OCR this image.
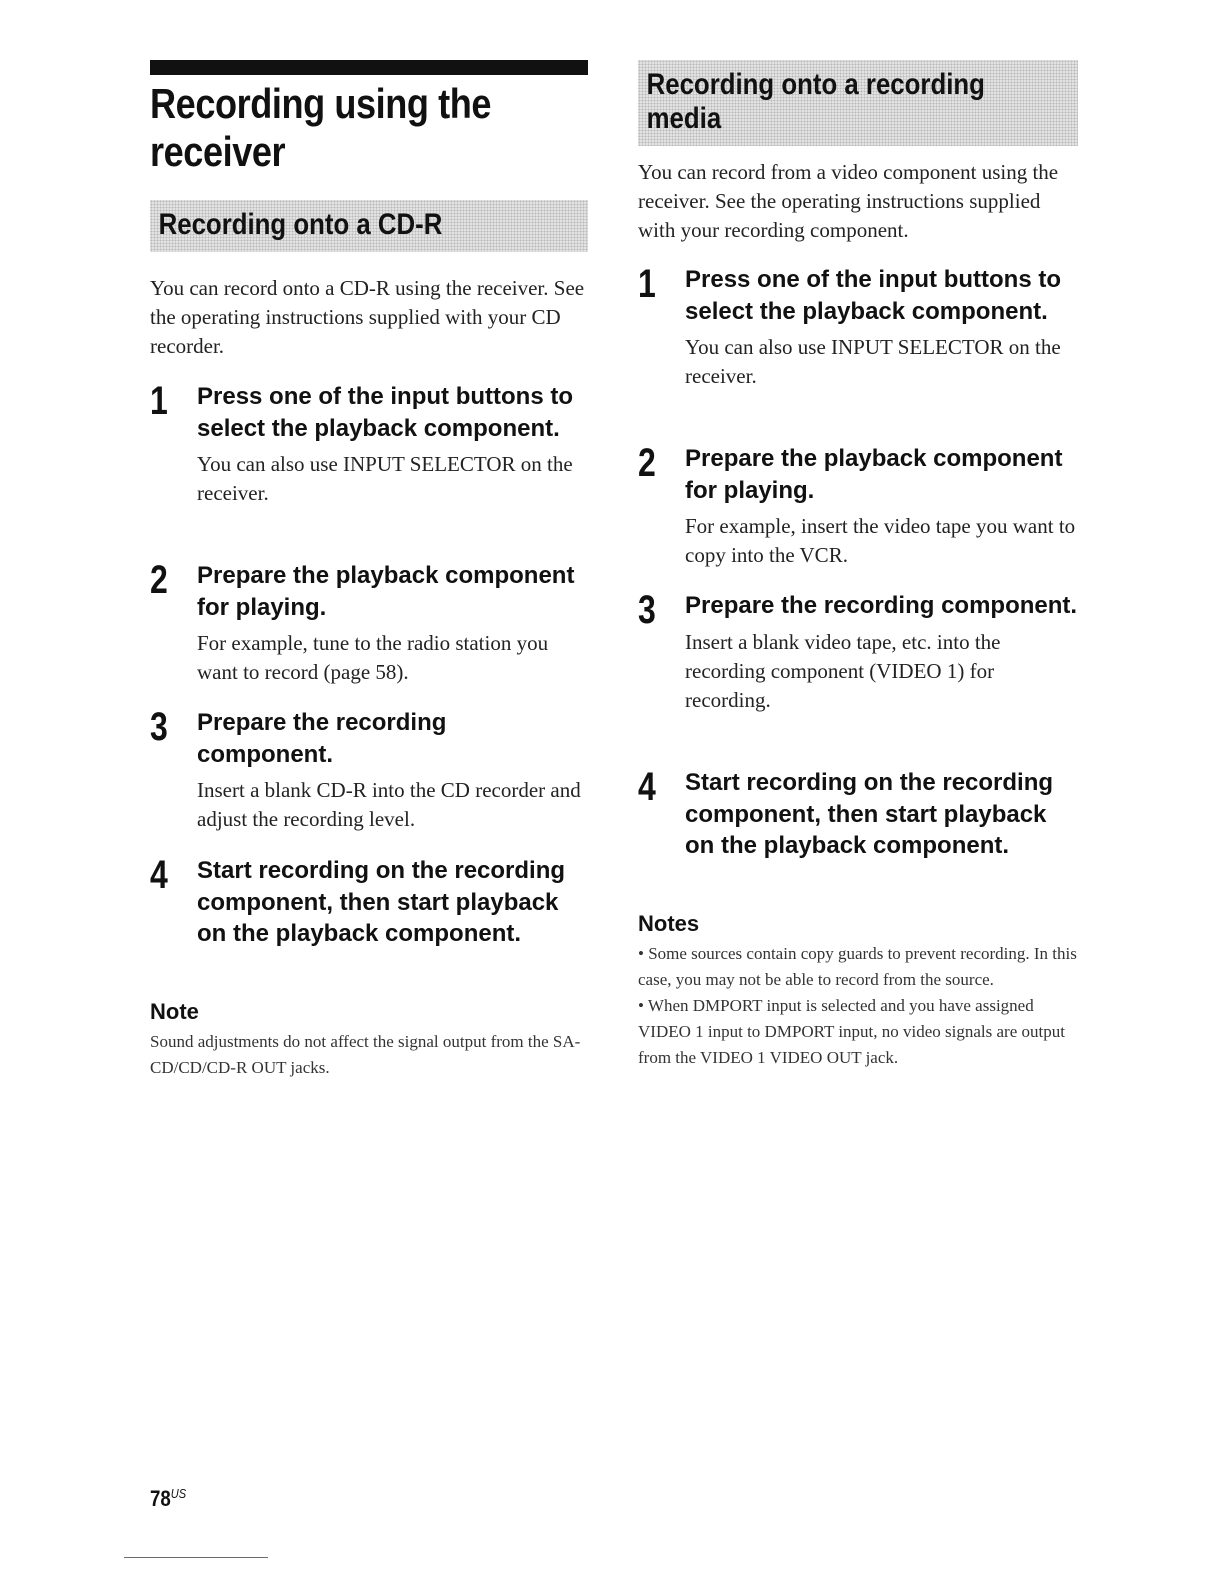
Recording using the receiver
Recording onto a CD-R

You can record onto a CD-R using the receiver. See the operating instructions supplied with your CD recorder.

1 Press one of the input buttons to select the playback component.

You can also use INPUT SELECTOR on the receiver.

2 Prepare the playback component for playing.

For example, tune to the radio station you want to record (page 58).

3 Prepare the recording component.

Insert a blank CD-R into the CD recorder and adjust the recording level.

4 Start recording on the recording component, then start playback on the playback component.
Note

Sound adjustments do not affect the signal output from the SA-CD/CD/CD-R OUT jacks.

Recording onto a recording media

You can record from a video component using the receiver. See the operating instructions supplied with your recording component.

1 Press one of the input buttons to select the playback component.

You can also use INPUT SELECTOR on the receiver.

2 Prepare the playback component for playing.

For example, insert the video tape you want to copy into the VCR.

3 Prepare the recording component.

Insert a blank video tape, etc. into the recording component (VIDEO 1) for recording.

4 Start recording on the recording component, then start playback on the playback component.
Notes
• Some sources contain copy guards to prevent recording. In this case, you may not be able to record from the source.
• When DMPORT input is selected and you have assigned VIDEO 1 input to DMPORT input, no video signals are output from the VIDEO 1 VIDEO OUT jack.
$78^{US}$
